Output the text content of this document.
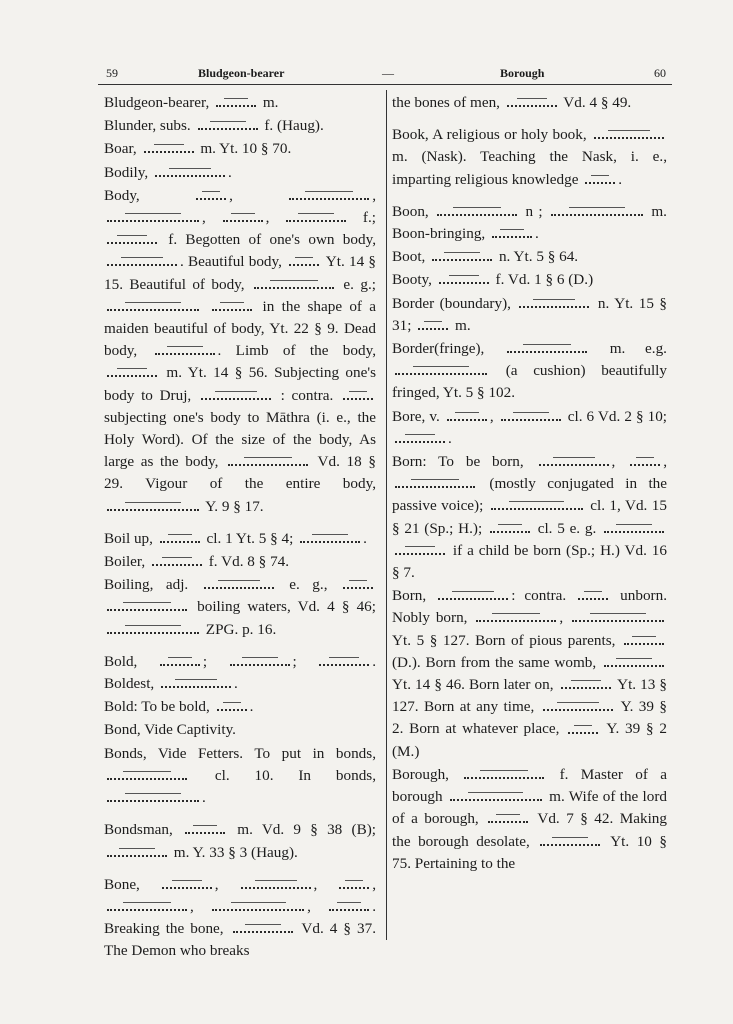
59	Bludgeon-bearer	—	Borough	60
Bludgeon-bearer,	m.
Blunder, subs.	f. (Haug).
Boar,	m. Yt. 10 § 70.
Bodily,	.
Body, ,	, ,	,	f.;  f. Begotten of one's own body, . Beautiful body,  Yt. 14 § 15. Beautiful of body,	e. g.;   in the shape of a maiden beautiful of body, Yt. 22 § 9. Dead body,	. Limb of the body,  m. Yt. 14 § 56. Subjecting one's body to Druj,	: contra.  subjecting one's body to Māthra (i. e., the Holy Word). Of the size of the body, As large as the body,	Vd. 18 § 29. Vigour of the entire body,  Y. 9 § 17.
Boil up,	cl. 1 Yt. 5 § 4;	.
Boiler,	f. Vd. 8 § 74.
Boiling, adj.	e. g.,   boiling waters, Vd. 4 § 46;  ZPG. p. 16.
Bold,	;	;	. Boldest,	.
Bold: To be bold, .
Bond, Vide Captivity.
Bonds, Vide Fetters. To put in bonds,  cl. 10. In bonds, .
Bondsman,	m. Vd. 9 § 38 (B);  m. Y. 33 § 3 (Haug).
Bone,	,	, , ,	,	. Breaking the bone,	Vd. 4 § 37. The Demon who breaks
the bones of men,	Vd. 4 § 49.
Book, A religious or holy book,  m. (Nask). Teaching the Nask, i. e., imparting religious knowledge .
Boon,	n ;	m. Boon-bringing,	.
Boot,	n. Yt. 5 § 64.
Booty,	f. Vd. 1 § 6 (D.)
Border (boundary),	n. Yt. 15 § 31;  m.
Border(fringe),	m. e.g.  (a cushion) beautifully fringed, Yt. 5 § 102.
Bore, v.	,	cl. 6 Vd. 2 § 10; .
Born: To be born,	, ,  (mostly conjugated in the passive voice);	cl. 1, Vd. 15 § 21 (Sp.; H.);	cl. 5 e. g.   if a child be born (Sp.; H.) Vd. 16 § 7.
Born,	: contra.  unborn. Nobly born,	,  Yt. 5 § 127. Born of pious parents,  (D.). Born from the same womb,  Yt. 14 § 46. Born later on,	Yt. 13 § 127. Born at any time,	Y. 39 § 2. Born at whatever place,  Y. 39 § 2 (M.)
Borough,	f. Master of a borough	m. Wife of the lord of a borough,	Vd. 7 § 42. Making the borough desolate,	Yt. 10 § 75. Pertaining to the
